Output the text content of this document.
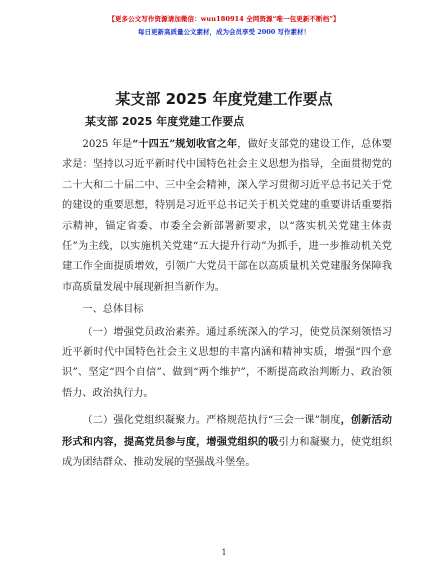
【更多公文写作资源请加微信：wuu180914 全网资源“唯一包更新不断档”】
每日更新高质量公文素材，成为会员享受 2000 写作素材！
某支部 2025 年度党建工作要点
某支部 2025 年度党建工作要点

2025 年是“十四五”规划收官之年，做好支部党的建设工作，总体要求是：坚持以习近平新时代中国特色社会主义思想为指导，全面贯彻党的二十大和二十届二中、三中全会精神，深入学习贯彻习近平总书记关于党的建设的重要思想，特别是习近平总书记关于机关党建的重要讲话重要指示精神，锚定省委、市委全会新部署新要求，以“落实机关党建主体责任”为主线，以实施机关党建“五大提升行动”为抓手，进一步推动机关党建工作全面提质增效，引领广大党员干部在以高质量机关党建服务保障我市高质量发展中展现新担当新作为。

一、总体目标

（一）增强党员政治素养。通过系统深入的学习，使党员深刻领悟习近平新时代中国特色社会主义思想的丰富内涵和精神实质，增强“四个意识”、坚定“四个自信”、做到“两个维护”，不断提高政治判断力、政治领悟力、政治执行力。

（二）强化党组织凝聚力。严格规范执行“三会一课”制度，创新活动形式和内容，提高党员参与度，增强党组织的吸引力和凝聚力，使党组织成为团结群众、推动发展的坚强战斗堡垒。

1
